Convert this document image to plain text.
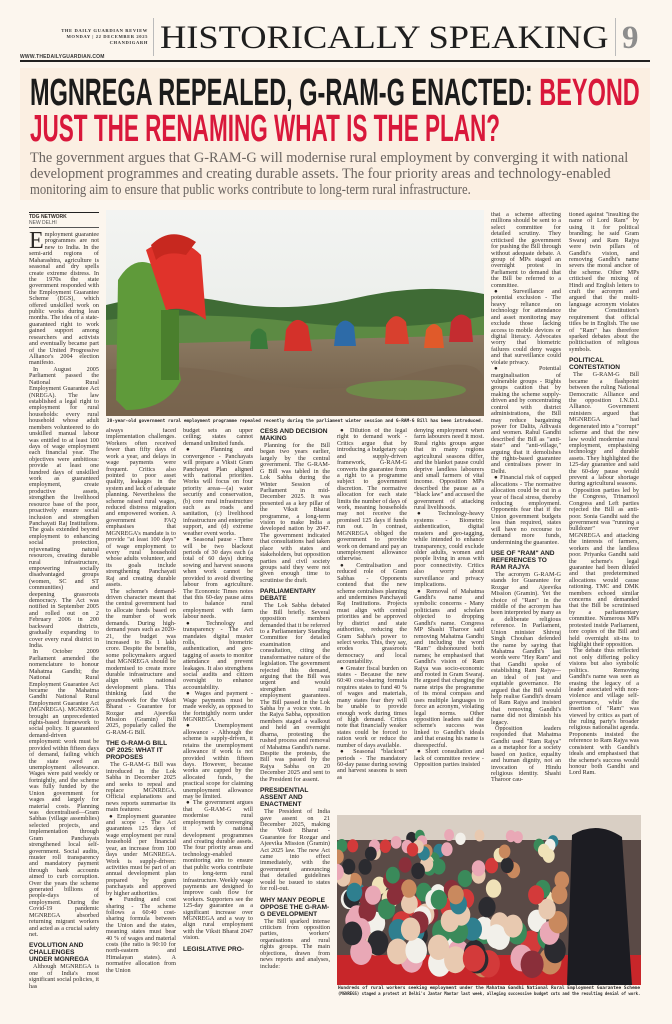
THE DAILY GUARDIAN REVIEW
MONDAY | 22 DECEMBER 2025
CHANDIGARH
WWW.THEDAILYGUARDIAN.COM
HISTORICALLY SPEAKING 9
MGNREGA REPEALED, G-RAM-G ENACTED: BEYOND
JUST THE RENAMING WHAT IS THE PLAN?
The government argues that G-RAM-G will modernise rural employment by converging it with national
development programmes and creating durable assets. The four priority areas and technology-enabled
monitoring aim to ensure that public works contribute to long-term rural infrastructure.
20-year-old government rural employment programme repealed recently during the parliament winter session and G-RAM-G Bill has been introduced.
Hundreds of rural workers seeking employment under the Mahatma Gandhi National Rural Employment Guarantee Scheme
(MGNREGS) staged a protest at Delhi's Jantar Mantar last week, alleging successive budget cuts and the resulting denial of work.
TDG NETWORK
NEW DELHI

Employment guarantee programmes are not new to India. In the semi-arid regions of Maharashtra, agriculture is seasonal and dry spells create extreme distress. In the 1970s the state government responded with the Employment Guarantee Scheme (EGS), which offered unskilled work on public works during lean months. The idea of a state-guaranteed right to work gained support among researchers and activists and eventually became part of the United Progressive Alliance's 2004 election manifesto.

In August 2005 Parliament passed the National Rural Employment Guarantee Act (NREGA). The law established a legal right to employment for rural households: every rural household whose adult members volunteered to do unskilled manual labour was entitled to at least 100 days of wage employment each financial year. The objectives were ambitious: provide at least one hundred days of unskilled work as guaranteed employment, create productive assets, strengthen the livelihood resource base of the poor, proactively ensure social inclusion and strengthen Panchayati Raj Institutions. The goals extended beyond employment to enhancing social protection, rejuvenating natural resources, creating durable rural infrastructure, empowering socially disadvantaged groups (women, SC and ST communities) and deepening grassroots democracy. The Act was notified in September 2005 and rolled out on 2 February 2006 in 200 backward districts, gradually expanding to cover every rural district in India.

In October 2009 Parliament amended the nomenclature to honour Mahatma Gandhi; the National Rural Employment Guarantee Act became the Mahatma Gandhi National Rural Employment Guarantee Act (MGNREGA). MGNREGA brought an unprecedented rights-based framework to social policy. It guaranteed demand-driven employment: work must be provided within fifteen days of demand, failing which the state owed an unemployment allowance. Wages were paid weekly or fortnightly, and the scheme was fully funded by the Union government for wages and largely for material costs. Planning was decentralised—Gram Sabhas (village assemblies) selected projects, and implementation through Gram Panchayats strengthened local self-government. Social audits, muster roll transparency and mandatory payment through bank accounts aimed to curb corruption. Over the years the scheme generated billions of people-days of employment. During the Covid-19 pandemic MGNREGA absorbed returning migrant workers and acted as a crucial safety net.

EVOLUTION AND CHALLENGES UNDER MGNREGA

Although MGNREGA is one of India's most significant social policies, it has

always faced implementation challenges. Workers often received fewer than fifty days of work a year, and delays in wage payments were frequent. Critics also pointed to poor asset quality, leakages in the system and lack of adequate planning. Nevertheless the scheme raised rural wages, reduced distress migration and empowered women. A government FAQ emphasises that MGNREGA's mandate is to provide "at least 100 days" of wage employment to every rural household whose adults volunteer, and its goals include strengthening Panchayati Raj and creating durable assets.

The scheme's demand-driven character meant that the central government had to allocate funds based on the number of work demands. During high-demand years such as 2020-21, the budget was increased to Rs 1 lakh crore. Despite the benefits, some policymakers argued that MGNREGA should be modernised to create more durable infrastructure and align with national development plans. This thinking laid the groundwork for the Viksit Bharat - Guarantee for Rozgar and Ajeevika Mission (Gramin) Bill 2025, popularly called the G-RAM-G Bill.

THE G-RAM-G BILL OF 2025: WHAT IT PROPOSES

The G-RAM-G Bill was introduced in the Lok Sabha in December 2025 and seeks to repeal and replace MGNREGA. Official explanations and news reports summarise its main features:

● Employment guarantee and scope - The Act guarantees 125 days of wage employment per rural household per financial year, an increase from 100 days under MGNREGA. Work is supply-driven: activities must be part of an annual development plan prepared by gram panchayats and approved by higher authorities.

● Funding and cost sharing - The scheme follows a 60:40 cost-sharing formula between the Union and the states, meaning states must bear 40 % of wages and material costs (the ratio is 90:10 for north-eastern and Himalayan states). A normative allocation from the Union

budget sets an upper ceiling; states cannot demand unlimited funds.

● Planning and convergence - Panchayats will prepare a Viksit Gram Panchayat Plan aligned with national priorities. Works will focus on four priority areas—(a) water security and conservation, (b) core rural infrastructure such as roads and sanitation, (c) livelihood infrastructure and enterprise support, and (d) extreme weather event works.

● Seasonal pause - There will be two blackout periods of 30 days each (a total of 60 days) during sowing and harvest seasons when work cannot be provided to avoid diverting labour from agriculture. The Economic Times notes that this 60-day pause aims to balance rural employment with farm labour needs.

● Technology and transparency - The Act mandates digital muster rolls, biometric authentication, and geo-tagging of assets to monitor attendance and prevent leakages. It also strengthens social audits and citizen oversight to enhance accountability.

● Wages and payment - Wage payments must be made weekly, as opposed to the fortnightly norm under MGNREGA.

● Unemployment allowance - Although the scheme is supply-driven, it retains the unemployment allowance if work is not provided within fifteen days. However, because works are capped by the allocated funds, the practical scope for claiming unemployment allowance may be limited.

● The government argues that G-RAM-G will modernise rural employment by converging it with national development programmes and creating durable assets. The four priority areas and technology-enabled monitoring aim to ensure that public works contribute to long-term rural infrastructure. Weekly wage payments are designed to improve cash flow for workers. Supporters see the 125-day guarantee as a significant increase over MGNREGA and a way to align rural employment with the Viksit Bharat 2047 vision.

LEGISLATIVE PRO-
CESS AND DECISION MAKING

Planning for the Bill began two years earlier, largely by the central government. The G-RAM-G Bill was tabled in the Lok Sabha during the Winter Session of Parliament in mid-December 2025. It was presented as a key pillar of the Viksit Bharat programme, a long-term vision to make India a developed nation by 2047. The government indicated that consultations had taken place with states and stakeholders, but opposition parties and civil society groups said they were not given enough time to scrutinise the draft.

PARLIAMENTARY DEBATE

The Lok Sabha debated the Bill briefly. Several opposition members demanded that it be referred to a Parliamentary Standing Committee for detailed examination and consultation, citing the transformative nature of the legislation. The government rejected this demand, arguing that the Bill was urgent and would strengthen rural employment guarantees. The Bill passed in the Lok Sabha by a voice vote. In the Rajya Sabha, opposition members staged a walkout and held an overnight dharna, protesting the rushed process and removal of Mahatma Gandhi's name. Despite the protests, the Bill was passed by the Rajya Sabha on 20 December 2025 and sent to the President for assent.

PRESIDENTIAL ASSENT AND ENACTMENT

The President of India gave assent on 21 December 2025, making the Viksit Bharat - Guarantee for Rozgar and Ajeevika Mission (Gramin) Act 2025 law. The new Act came into effect immediately, with the government announcing that detailed guidelines would be issued to states for roll-out.

WHY MANY PEOPLE OPPOSE THE G-RAM-G DEVELOPMENT

The Bill sparked intense criticism from opposition parties, workers' organisations and rural rights groups. The main objections, drawn from news reports and analyses, include:

● Dilution of the legal right to demand work - Critics argue that by introducing a budgetary cap and supply-driven framework, G-RAM-G converts the guarantee from a right to a programme subject to government discretion. The normative allocation for each state limits the number of days of work, meaning households may not receive the promised 125 days if funds run out. In contrast, MGNREGA obliged the government to provide work on demand and pay an unemployment allowance otherwise.

● Centralisation and reduced role of Gram Sabhas - Opponents contend that the new scheme centralises planning and undermines Panchayati Raj Institutions. Projects must align with central priorities and be approved by district and state authorities, reducing the Gram Sabha's power to select works. This, they say, erodes grassroots democracy and local accountability.

● Greater fiscal burden on states - Because the new 60:40 cost-sharing formula requires states to fund 40 % of wages and materials, many states fear they will be unable to provide enough work during times of high demand. Critics note that financially weaker states could be forced to ration work or reduce the number of days available.

● Seasonal "blackout" periods - The mandatory 60-day pause during sowing and harvest seasons is seen as

denying employment when farm labourers need it most. Rural rights groups argue that in many regions agricultural seasons differ, and the blanket pause could deprive landless labourers and small farmers of vital income. Opposition MPs described the pause as a "black law" and accused the government of attacking rural livelihoods.

● Technology-heavy systems - Biometric authentication, digital musters and geo-tagging, while intended to enhance transparency, could exclude older adults, women and people living in areas with poor connectivity. Critics also worry about surveillance and privacy implications.

● Removal of Mahatma Gandhi's name and symbolic concerns - Many politicians and scholars objected to dropping Gandhi's name. Congress MP Shashi Tharoor said removing Mahatma Gandhi and including the word "Ram" dishonoured both names; he emphasised that Gandhi's vision of Ram Rajya was socio-economic and rooted in Gram Swaraj. He argued that changing the name strips the programme of its moral compass and uses multiple languages to force an acronym, violating legal norms. Other opposition leaders said the scheme's success was linked to Gandhi's ideals and that erasing his name is disrespectful.

● Short consultation and lack of committee review - Opposition parties insisted

that a scheme affecting millions should be sent to a select committee for detailed scrutiny. They criticised the government for pushing the Bill through without adequate debate. A group of MPs staged an overnight protest in Parliament to demand that the Bill be referred to a committee.

● Surveillance and potential exclusion - The heavy reliance on technology for attendance and asset monitoring may exclude those lacking access to mobile devices or digital literacy. Advocates worry that biometric failures could deny wages and that surveillance could violate privacy.

● Potential marginalisation of vulnerable groups - Rights groups caution that by making the scheme supply-driven and by concentrating control with district administrations, the Bill may reduce bargaining power for Dalits, Adivasis and women. Rahul Gandhi described the Bill as "anti-state" and "anti-village," arguing that it demolishes the rights-based guarantee and centralises power in Delhi.

● Financial risk of capped allocations - The normative allocation could be cut in a year of fiscal stress, thereby reducing employment. Opponents fear that if the Union government budgets less than required, states will have no recourse to demand more funds, undermining the guarantee.

USE OF "RAM" AND REFERENCES TO RAM RAJYA

The acronym G-RAM-G stands for Guarantee for Rozgar and Ajeevika Mission (Gramin). Yet the choice of "Ram" in the middle of the acronym has been interpreted by many as a deliberate religious reference. In Parliament, Union minister Shivraj Singh Chouhan defended the name by saying that Mahatma Gandhi's last words were "Hey Ram" and that Gandhi spoke of establishing Ram Rajya—an ideal of just and equitable governance. He argued that the Bill would help realise Gandhi's dream of Ram Rajya and insisted that removing Gandhi's name did not diminish his legacy.

Opposition leaders responded that Mahatma Gandhi used "Ram Rajya" as a metaphor for a society based on justice, equality and human dignity, not an invocation of Hindu religious identity. Shashi Tharoor cau-

tioned against "insulting the name of Lord Ram" by using it for political branding; he said Gram Swaraj and Ram Rajya were twin pillars of Gandhi's vision, and removing Gandhi's name severs the moral anchor of the scheme. Other MPs criticised the mixing of Hindi and English letters to craft the acronym and argued that the multi-language acronym violates the Constitution's requirement that official titles be in English. The use of "Ram" has therefore sparked debates about the politicisation of religious symbols.

POLITICAL CONTESTATION

The G-RAM-G Bill became a flashpoint between the ruling National Democratic Alliance and the opposition I.N.D.I. Alliance. Government ministers argued that MGNREGA had degenerated into a "corrupt" scheme and that the new law would modernise rural employment, emphasising technology and durable assets. They highlighted the 125-day guarantee and said the 60-day pause would prevent a labour shortage during agricultural seasons.

Opposition parties led by the Congress, Trinamool Congress and Left parties rejected the Bill as anti-poor. Sonia Gandhi said the government was "running a bulldozer" over MGNREGA and attacking the interests of farmers, workers and the landless poor. Priyanka Gandhi said the scheme's legal guarantee had been diluted and that predetermined allocations would cause rationing. TMC and DMK members echoed similar concerns and demanded that the Bill be scrutinised by a parliamentary committee. Numerous MPs protested inside Parliament, tore copies of the Bill and held overnight sit-ins to highlight their opposition.

The debate thus reflected not only differing policy visions but also symbolic politics. Removing Gandhi's name was seen as erasing the legacy of a leader associated with non-violence and village self-governance, while the insertion of "Ram" was viewed by critics as part of the ruling party's broader religious nationalist agenda. Proponents insisted the reference to Ram Rajya was consistent with Gandhi's ideals and emphasised that the scheme's success would honour both Gandhi and Lord Ram.
